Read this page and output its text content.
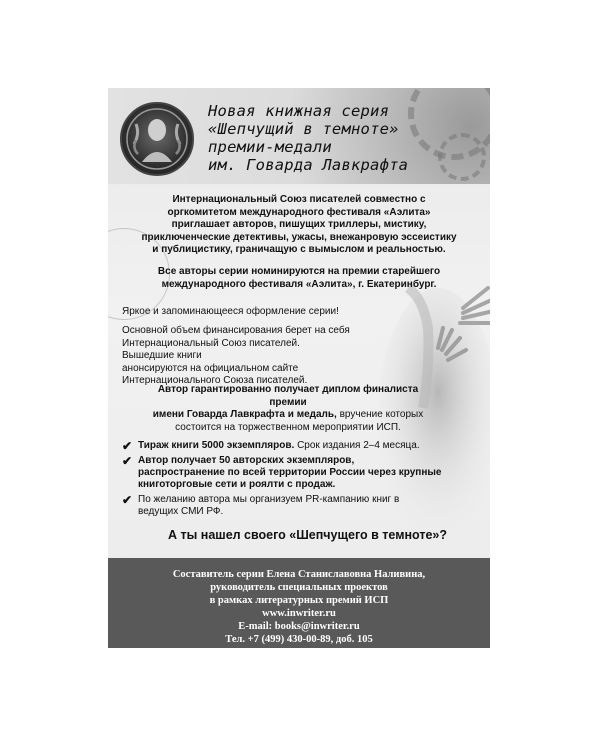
Новая книжная серия
«Шепчущий в темноте»
премии-медали
им. Говарда Лавкрафта
Интернациональный Союз писателей совместно с
оргкомитетом международного фестиваля «Аэлита»
приглашает авторов, пишущих триллеры, мистику,
приключенческие детективы, ужасы, внежанровую эссеистику
и публицистику, граничащую с вымыслом и реальностью.
Все авторы серии номинируются на премии старейшего
международного фестиваля «Аэлита», г. Екатеринбург.
Яркое и запоминающееся оформление серии!
Основной объем финансирования берет на себя
Интернациональный Союз писателей. Вышедшие книги
анонсируются на официальном сайте
Интернационального Союза писателей.
Автор гарантированно получает диплом финалиста премии
имени Говарда Лавкрафта и медаль, вручение которых
состоится на торжественном мероприятии ИСП.
✔ Тираж книги 5000 экземпляров. Срок издания 2–4 месяца.
✔ Автор получает 50 авторских экземпляров, распространение по всей территории России через крупные книготорговые сети и роялти с продаж.
✔ По желанию автора мы организуем PR-кампанию книг в ведущих СМИ РФ.
А ты нашел своего «Шепчущего в темноте»?
Составитель серии Елена Станиславовна Наливина,
руководитель специальных проектов
в рамках литературных премий ИСП
www.inwriter.ru
E-mail: books@inwriter.ru
Тел. +7 (499) 430-00-89, доб. 105
